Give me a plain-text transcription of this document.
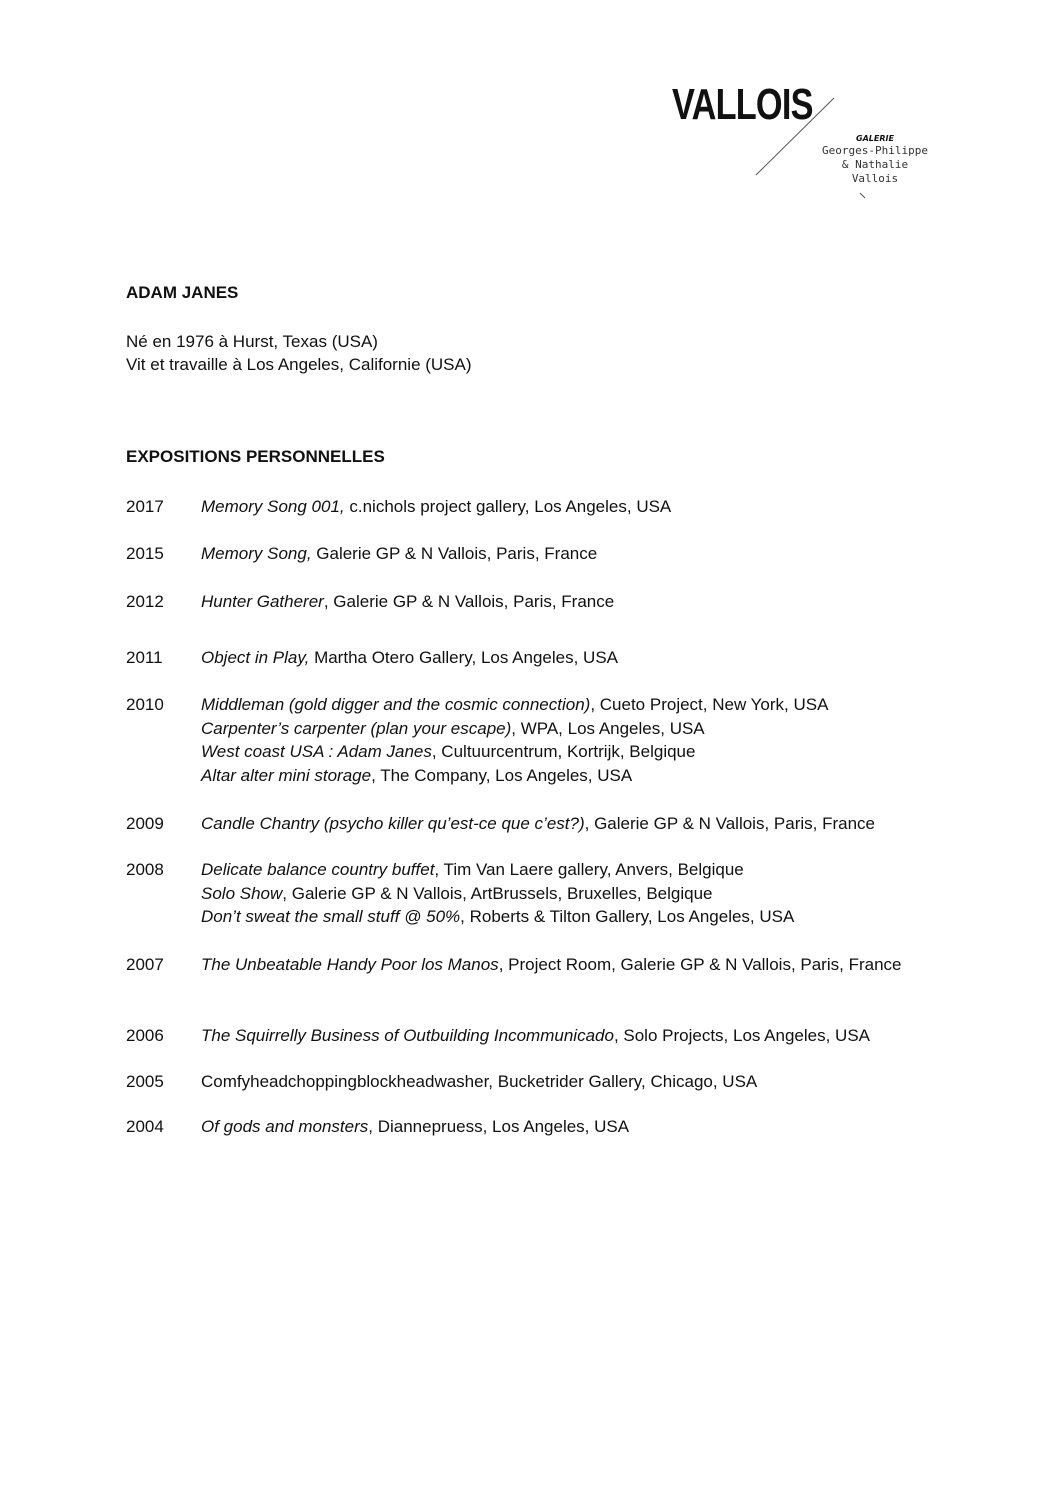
VALLOIS
GALERIE
Georges-Philippe
& Nathalie
Vallois
ADAM JANES
Né en 1976 à Hurst, Texas (USA)
Vit et travaille à Los Angeles, Californie (USA)
EXPOSITIONS PERSONNELLES
2017 Memory Song 001, c.nichols project gallery, Los Angeles, USA
2015 Memory Song, Galerie GP & N Vallois, Paris, France
2012 Hunter Gatherer, Galerie GP & N Vallois, Paris, France
2011 Object in Play, Martha Otero Gallery, Los Angeles, USA
2010 Middleman (gold digger and the cosmic connection), Cueto Project, New York, USA
Carpenter’s carpenter (plan your escape), WPA, Los Angeles, USA
West coast USA : Adam Janes, Cultuurcentrum, Kortrijk, Belgique
Altar alter mini storage, The Company, Los Angeles, USA
2009 Candle Chantry (psycho killer qu’est-ce que c’est?), Galerie GP & N Vallois, Paris, France
2008 Delicate balance country buffet, Tim Van Laere gallery, Anvers, Belgique
Solo Show, Galerie GP & N Vallois, ArtBrussels, Bruxelles, Belgique
Don’t sweat the small stuff @ 50%, Roberts & Tilton Gallery, Los Angeles, USA
2007 The Unbeatable Handy Poor los Manos, Project Room, Galerie GP & N Vallois, Paris, France
2006 The Squirrelly Business of Outbuilding Incommunicado, Solo Projects, Los Angeles, USA
2005 Comfyheadchoppingblockheadwasher, Bucketrider Gallery, Chicago, USA
2004 Of gods and monsters, Diannepruess, Los Angeles, USA
